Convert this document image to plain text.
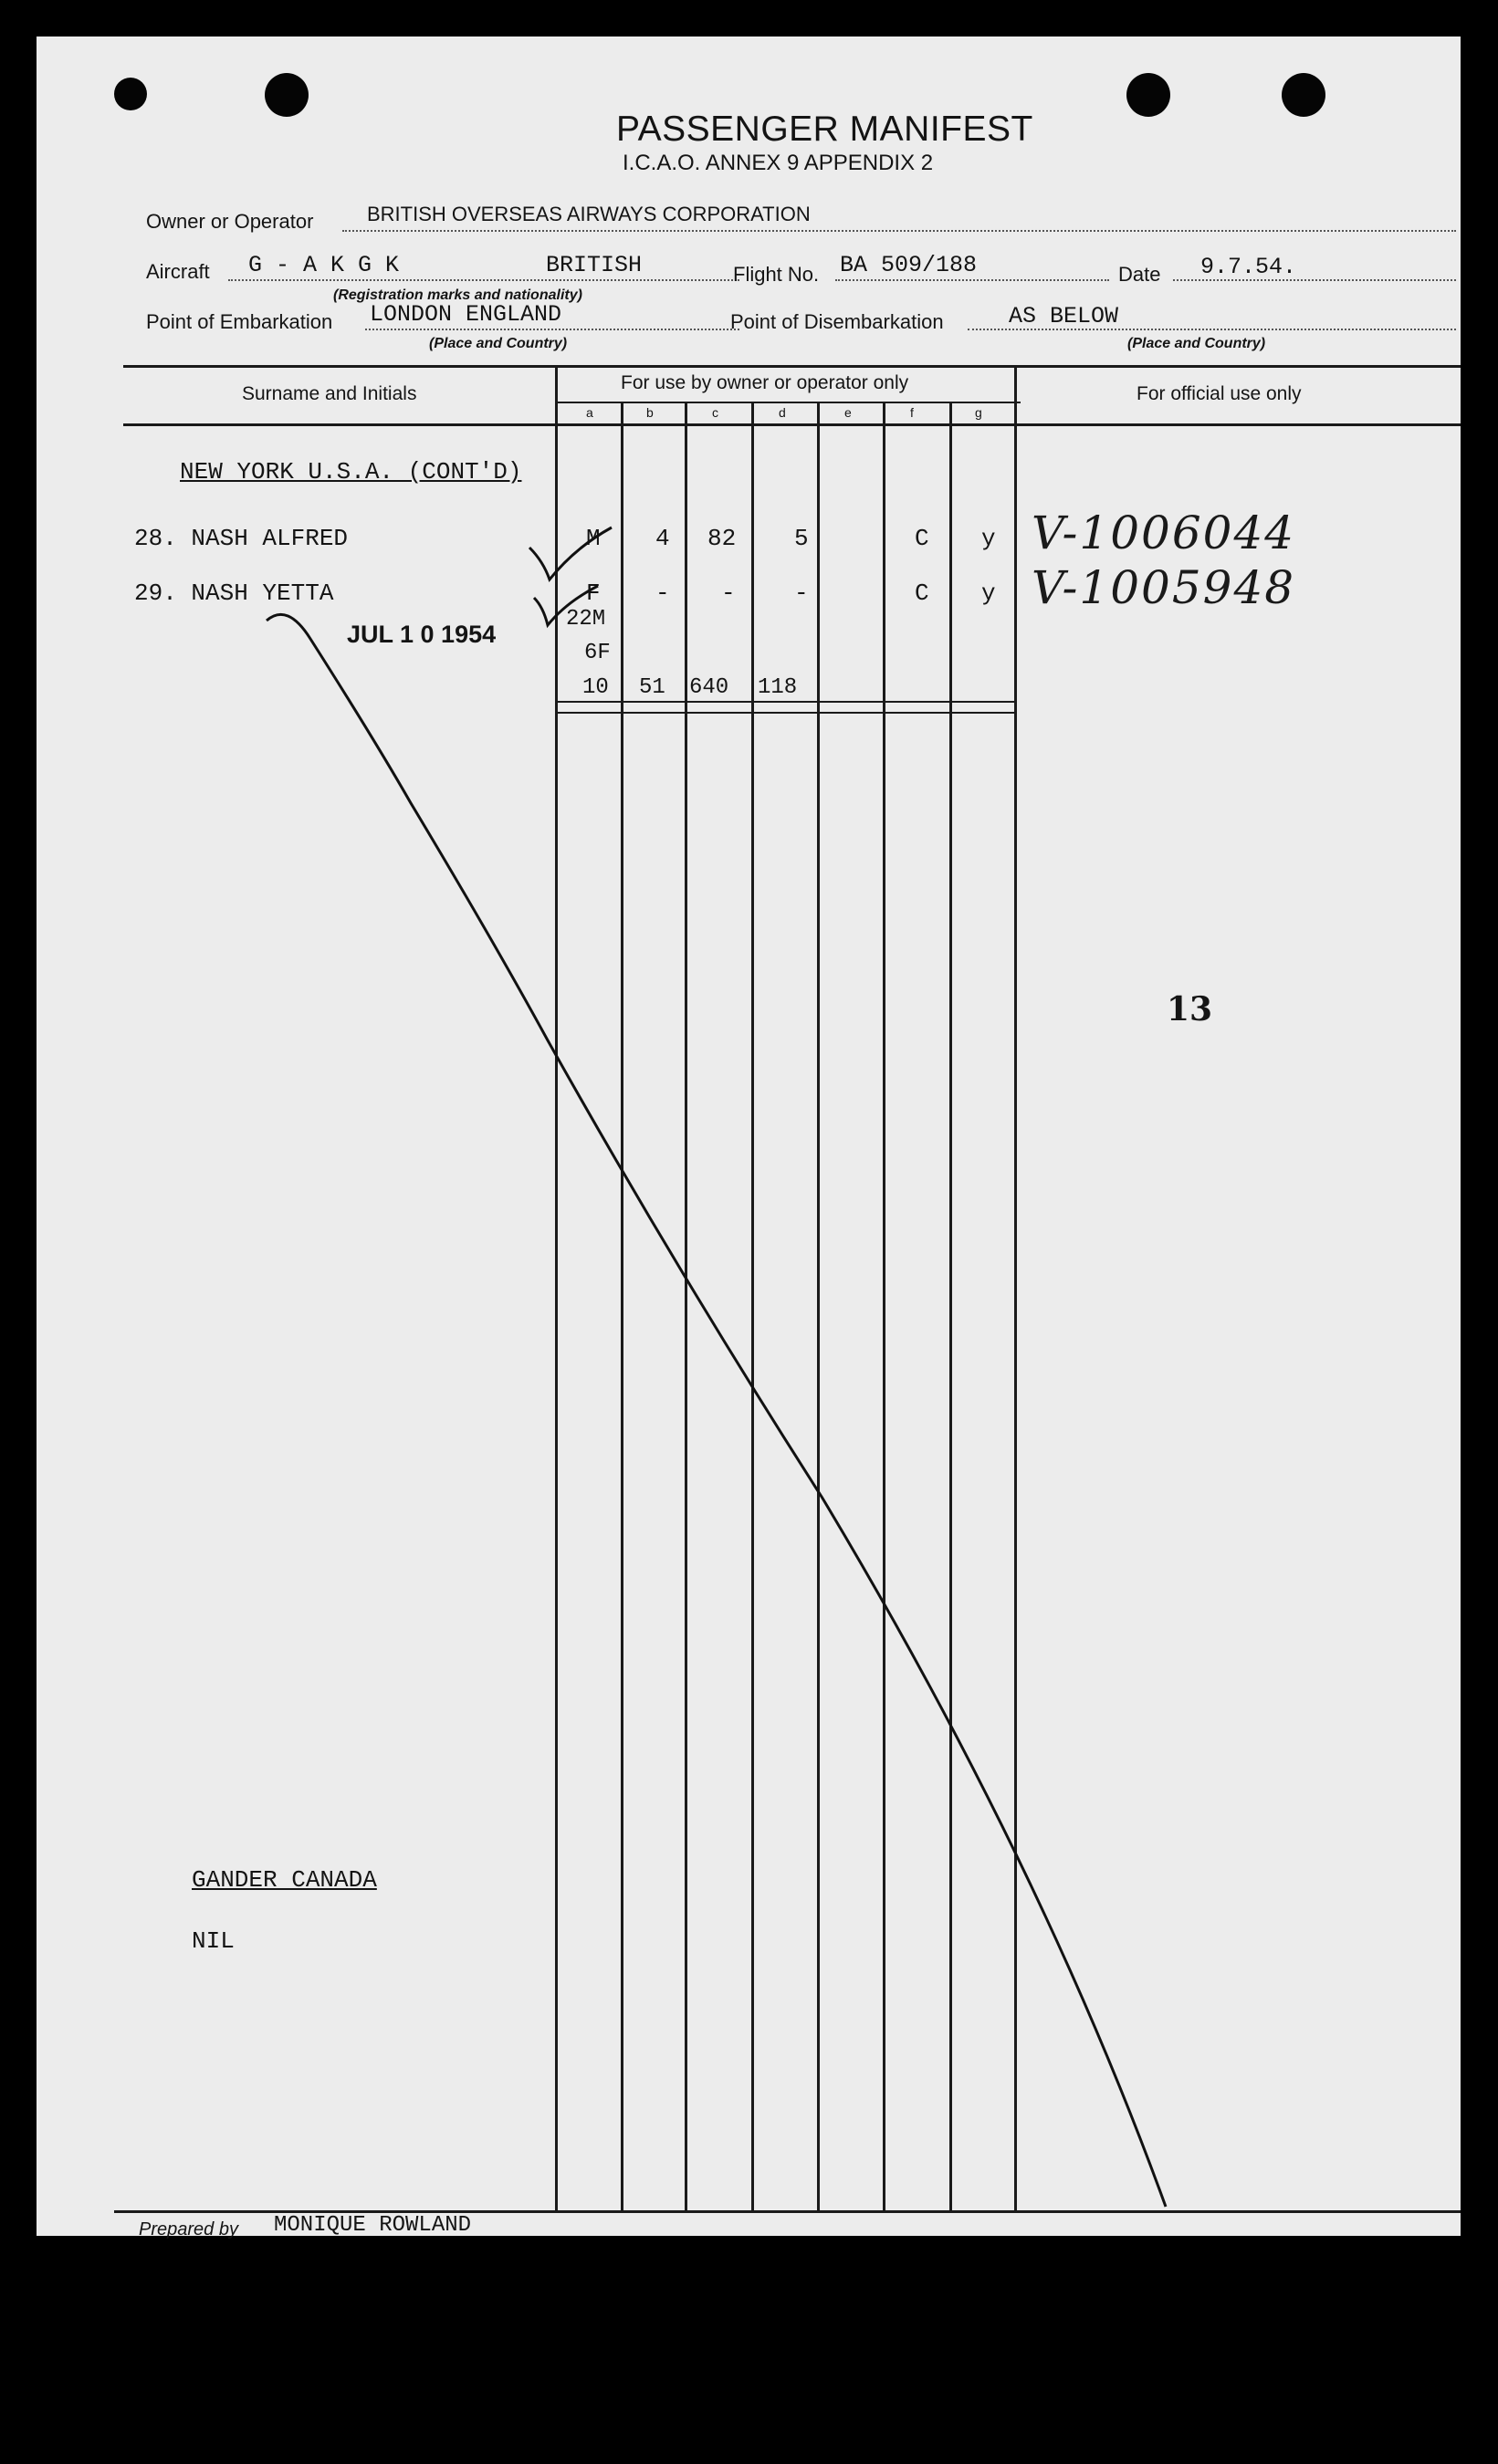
PASSENGER MANIFEST
I.C.A.O. ANNEX 9 APPENDIX 2
Owner or Operator	BRITISH OVERSEAS AIRWAYS CORPORATION
Aircraft G - A K G K	BRITISH
(Registration marks and nationality)
Flight No. BA 509/188	Date 9.7.54.
Point of Embarkation LONDON ENGLAND
(Place and Country)
Point of Disembarkation	AS BELOW
(Place and Country)
Surname and Initials
For use by owner or operator only
For official use only
a	b	c	d	e	f	g
NEW YORK U.S.A. (CONT'D)
28. NASH ALFRED	M 4 82 5	C y V-1006044
29. NASH YETTA	F - - -	C y V-1005948
JUL 1 0 1954
22M
6F
10 51 640 118
13
GANDER CANADA
NIL
Prepared by MONIQUE ROWLAND
